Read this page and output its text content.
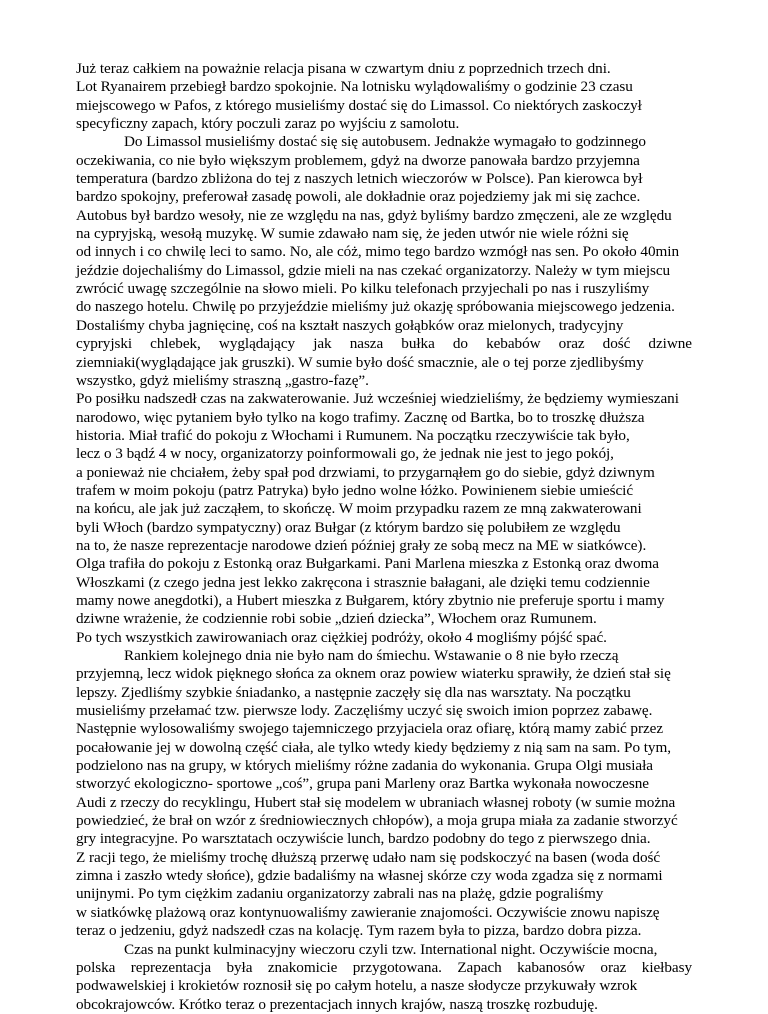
Już teraz całkiem na poważnie relacja pisana w czwartym dniu z poprzednich trzech dni.
Lot Ryanairem przebiegł bardzo spokojnie. Na lotnisku wylądowaliśmy o godzinie 23 czasu
miejscowego w Pafos, z którego musieliśmy dostać się do Limassol. Co niektórych zaskoczył
specyficzny zapach, który poczuli zaraz po wyjściu z samolotu.
Do Limassol musieliśmy dostać się się autobusem. Jednakże wymagało to godzinnego
oczekiwania, co nie było większym problemem, gdyż na dworze panowała bardzo przyjemna
temperatura (bardzo zbliżona do tej z naszych letnich wieczorów w Polsce). Pan kierowca był
bardzo spokojny, preferował zasadę powoli, ale dokładnie oraz pojedziemy jak mi się zachce.
Autobus był bardzo wesoły, nie ze względu na nas, gdyż byliśmy bardzo zmęczeni, ale ze względu
na cypryjską, wesołą muzykę. W sumie zdawało nam się, że jeden utwór nie wiele różni się
od innych i co chwilę leci to samo. No, ale cóż, mimo tego bardzo wzmógł nas sen. Po około 40min
jeździe dojechaliśmy do Limassol, gdzie mieli na nas czekać organizatorzy. Należy w tym miejscu
zwrócić uwagę szczególnie na słowo mieli. Po kilku telefonach przyjechali po nas i ruszyliśmy
do naszego hotelu. Chwilę po przyjeździe mieliśmy już okazję spróbowania miejscowego jedzenia.
Dostaliśmy chyba jagnięcinę, coś na kształt naszych gołąbków oraz mielonych, tradycyjny
cypryjski chlebek, wyglądający jak nasza bułka do kebabów oraz dość dziwne
ziemniaki(wyglądające jak gruszki). W sumie było dość smacznie, ale o tej porze zjedlibyśmy
wszystko, gdyż mieliśmy straszną „gastro-fazę”.
Po posiłku nadszedł czas na zakwaterowanie. Już wcześniej wiedzieliśmy, że będziemy wymieszani
narodowo, więc pytaniem było tylko na kogo trafimy. Zacznę od Bartka, bo to troszkę dłuższa
historia. Miał trafić do pokoju z Włochami i Rumunem. Na początku rzeczywiście tak było,
lecz o 3 bądź 4 w nocy, organizatorzy poinformowali go, że jednak nie jest to jego pokój,
a ponieważ nie chciałem, żeby spał pod drzwiami, to przygarnąłem go do siebie, gdyż dziwnym
trafem w moim pokoju (patrz Patryka) było jedno wolne łóżko. Powinienem siebie umieścić
na końcu, ale jak już zacząłem, to skończę. W moim przypadku razem ze mną zakwaterowani
byli Włoch (bardzo sympatyczny) oraz Bułgar (z którym bardzo się polubiłem ze względu
na to, że nasze reprezentacje narodowe dzień później grały ze sobą mecz na ME w siatkówce).
Olga trafiła do pokoju z Estonką oraz Bułgarkami. Pani Marlena mieszka z Estonką oraz dwoma
Włoszkami (z czego jedna jest lekko zakręcona i strasznie bałagani, ale dzięki temu codziennie
mamy nowe anegdotki), a Hubert mieszka z Bułgarem, który zbytnio nie preferuje sportu i mamy
dziwne wrażenie, że codziennie robi sobie „dzień dziecka”, Włochem oraz Rumunem.
Po tych wszystkich zawirowaniach oraz ciężkiej podróży, około 4 mogliśmy pójść spać.
Rankiem kolejnego dnia nie było nam do śmiechu. Wstawanie o 8 nie było rzeczą
przyjemną, lecz widok pięknego słońca za oknem oraz powiew wiaterku sprawiły, że dzień stał się
lepszy. Zjedliśmy szybkie śniadanko, a następnie zaczęły się dla nas warsztaty. Na początku
musieliśmy przełamać tzw. pierwsze lody. Zaczęliśmy uczyć się swoich imion poprzez zabawę.
Następnie wylosowaliśmy swojego tajemniczego przyjaciela oraz ofiarę, którą mamy zabić przez
pocałowanie jej w dowolną część ciała, ale tylko wtedy kiedy będziemy z nią sam na sam. Po tym,
podzielono nas na grupy, w których mieliśmy różne zadania do wykonania. Grupa Olgi musiała
stworzyć ekologiczno- sportowe „coś”, grupa pani Marleny oraz Bartka wykonała nowoczesne
Audi z rzeczy do recyklingu, Hubert stał się modelem w ubraniach własnej roboty (w sumie można
powiedzieć, że brał on wzór z średniowiecznych chłopów), a moja grupa miała za zadanie stworzyć
gry integracyjne. Po warsztatach oczywiście lunch, bardzo podobny do tego z pierwszego dnia.
Z racji tego, że mieliśmy trochę dłuższą przerwę udało nam się podskoczyć na basen (woda dość
zimna i zaszło wtedy słońce), gdzie badaliśmy na własnej skórze czy woda zgadza się z normami
unijnymi. Po tym ciężkim zadaniu organizatorzy zabrali nas na plażę, gdzie pograliśmy
w siatkówkę plażową oraz kontynuowaliśmy zawieranie znajomości. Oczywiście znowu napiszę
teraz o jedzeniu, gdyż nadszedł czas na kolację. Tym razem była to pizza, bardzo dobra pizza.
Czas na punkt kulminacyjny wieczoru czyli tzw. International night. Oczywiście mocna,
polska reprezentacja była znakomicie przygotowana. Zapach kabanosów oraz kiełbasy
podwawelskiej i krokietów roznosił się po całym hotelu, a nasze słodycze przykuwały wzrok
obcokrajowców. Krótko teraz o prezentacjach innych krajów, naszą troszkę rozbuduję.
